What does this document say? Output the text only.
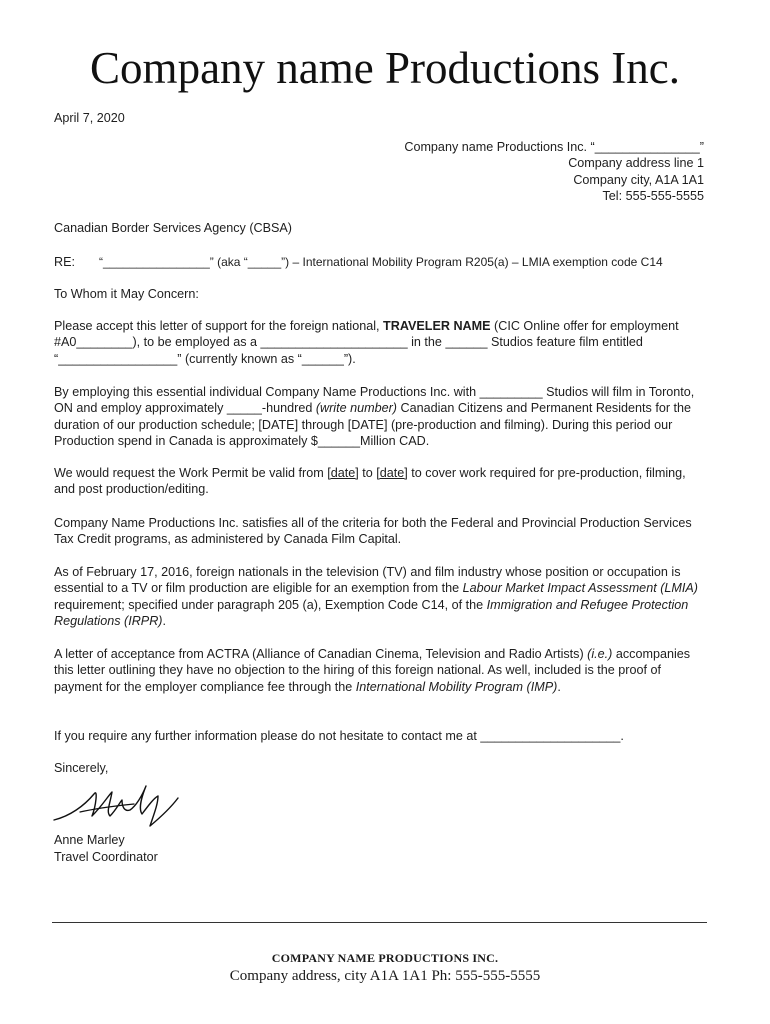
Company name Productions Inc.
April 7, 2020
Company name Productions Inc. “_______________”
Company address line 1
Company city, A1A 1A1
Tel: 555-555-5555
Canadian Border Services Agency (CBSA)
RE: “________________” (aka “_____”) – International Mobility Program R205(a) – LMIA exemption code C14
To Whom it May Concern:
Please accept this letter of support for the foreign national, TRAVELER NAME (CIC Online offer for employment #A0________), to be employed as a _____________________ in the ______ Studios feature film entitled “_________________” (currently known as “______”).
By employing this essential individual Company Name Productions Inc. with _________ Studios will film in Toronto, ON and employ approximately _____-hundred (write number) Canadian Citizens and Permanent Residents for the duration of our production schedule; [DATE] through [DATE] (pre-production and filming). During this period our Production spend in Canada is approximately $______Million CAD.
We would request the Work Permit be valid from [date] to [date] to cover work required for pre-production, filming, and post production/editing.
Company Name Productions Inc. satisfies all of the criteria for both the Federal and Provincial Production Services Tax Credit programs, as administered by Canada Film Capital.
As of February 17, 2016, foreign nationals in the television (TV) and film industry whose position or occupation is essential to a TV or film production are eligible for an exemption from the Labour Market Impact Assessment (LMIA) requirement; specified under paragraph 205 (a), Exemption Code C14, of the Immigration and Refugee Protection Regulations (IRPR).
A letter of acceptance from ACTRA (Alliance of Canadian Cinema, Television and Radio Artists) (i.e.) accompanies this letter outlining they have no objection to the hiring of this foreign national. As well, included is the proof of payment for the employer compliance fee through the International Mobility Program (IMP).
If you require any further information please do not hesitate to contact me at ____________________.
Sincerely,
Anne Marley
Travel Coordinator
COMPANY NAME PRODUCTIONS INC.
Company address, city A1A 1A1 Ph: 555-555-5555
